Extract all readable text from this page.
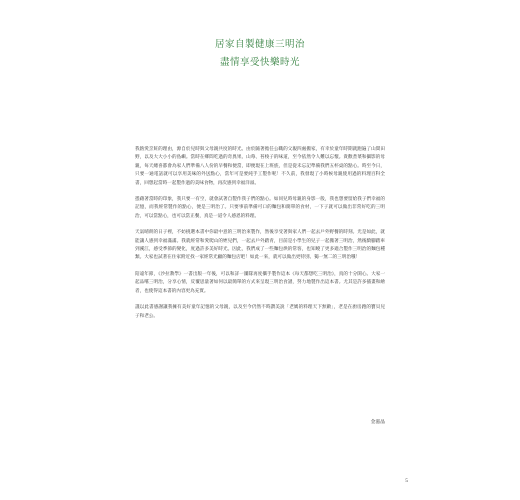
居家自製健康三明治
盡情享受快樂時光

我熱愛烹飪的理由，源自於兒時與父母親共度的時光。由於隨著擔任公職的父親四處搬家，有幸於童年時期就跑遍了山間田野，以及大大小小的島嶼。當時在鄉間吃過的奇異果、山莓、苔棱子的味道，至今依然令人難以忘懷。貴歡煮菜和攝影的母親，每天總喜都會為家人們準備八人份的早餐和便當，即便現在上班族，但是從未忘記準備我們五杯桌的點心。時至今日，只要一通電話就可以享用美味的外送點心，當年可是要純手工製作呢！不久前，我發現了小時候母親使用過的料理百科全書，回想起當時一起製作過的美味食物，再次感到幸福洋溢。

憑藉著當時的印象，我只要一有空，就會試著自製作我子們的點心。如同兒時母親的身影一般，我也想要留給我子們幸福的記憶，而我經常製作的點心，便是三明治了。只要事前準備可口的麵包和簡單的食材，一下子就可以做出非常好吃的三明治，可以當點心，也可以當正餐，真是一道令人感恩的料理。

天氣晴朗的日子裡，不妨挑選本書中你最中意的三明治來製作，然後享受著與家人們一起去戶外野餐的時刻。光是如此，就能讓人感到幸福滿滿。我就經常和愛爬山的姪兒們，一起去戶外踏青，目前是小學生的兒子一起搬著三明治，然後騎腳踏車到溪江，感受季節的變化，度過許多美好時光。因此，我們成了一些麵包烘的常客，也知曉了更多適合製作三明治的麵包種類。大家也試著在住家附近找一家經常光顧的麵包店吧！如此一來，就可以做出更特別、獨一無二的三明治哦！

陪遠年節，《沙拉教學》一書出版一年後，可以和詳一團隊再度攜手製作這本《每天都想吃三明治》，真的十分開心。大家一起品嚐三明治，分享心情，反覆思量著如何以最簡單的方式來呈現三明治食譜，努力地製作出這本書。尤其是許多插畫和繪者，也使得這本書的內容更為充實。

謹以此書感謝讓我擁有美好童年記憶的父母親，以及至今仍然不時讚美說「老媽的料理天下無敵」，老是在廚房跑的寶貝兒子和老公。

金滋晶
5
